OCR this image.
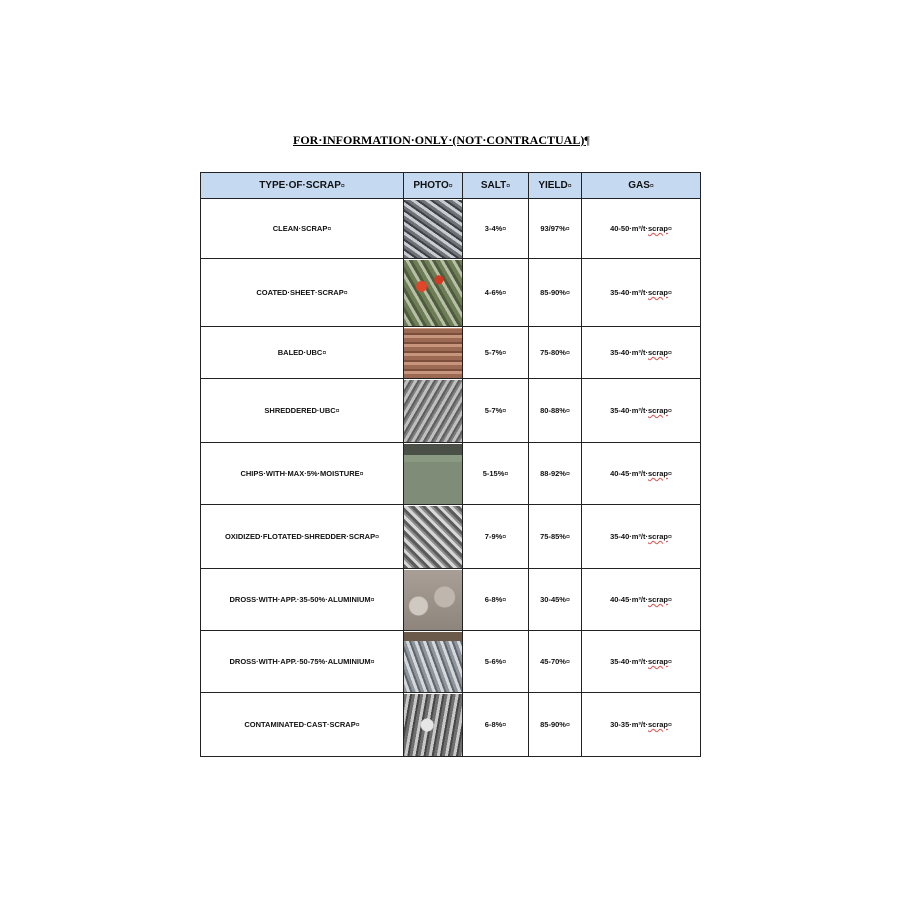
FOR·INFORMATION·ONLY·(NOT·CONTRACTUAL)¶
TYPE·OF·SCRAP¤	PHOTO¤	SALT¤	YIELD¤	GAS¤
CLEAN·SCRAP¤		3-4%¤	93/97%¤	40-50·m³/t·scrap¤
COATED·SHEET·SCRAP¤		4-6%¤	85-90%¤	35-40·m³/t·scrap¤
BALED·UBC¤		5-7%¤	75-80%¤	35-40·m³/t·scrap¤
SHREDDERED·UBC¤		5-7%¤	80-88%¤	35-40·m³/t·scrap¤
CHIPS·WITH·MAX·5%·MOISTURE¤		5-15%¤	88-92%¤	40-45·m³/t·scrap¤
OXIDIZED·FLOTATED·SHREDDER·SCRAP¤		7-9%¤	75-85%¤	35-40·m³/t·scrap¤
DROSS·WITH·APP.·35-50%·ALUMINIUM¤		6-8%¤	30-45%¤	40-45·m³/t·scrap¤
DROSS·WITH·APP.·50-75%·ALUMINIUM¤		5-6%¤	45-70%¤	35-40·m³/t·scrap¤
CONTAMINATED·CAST·SCRAP¤		6-8%¤	85-90%¤	30-35·m³/t·scrap¤
